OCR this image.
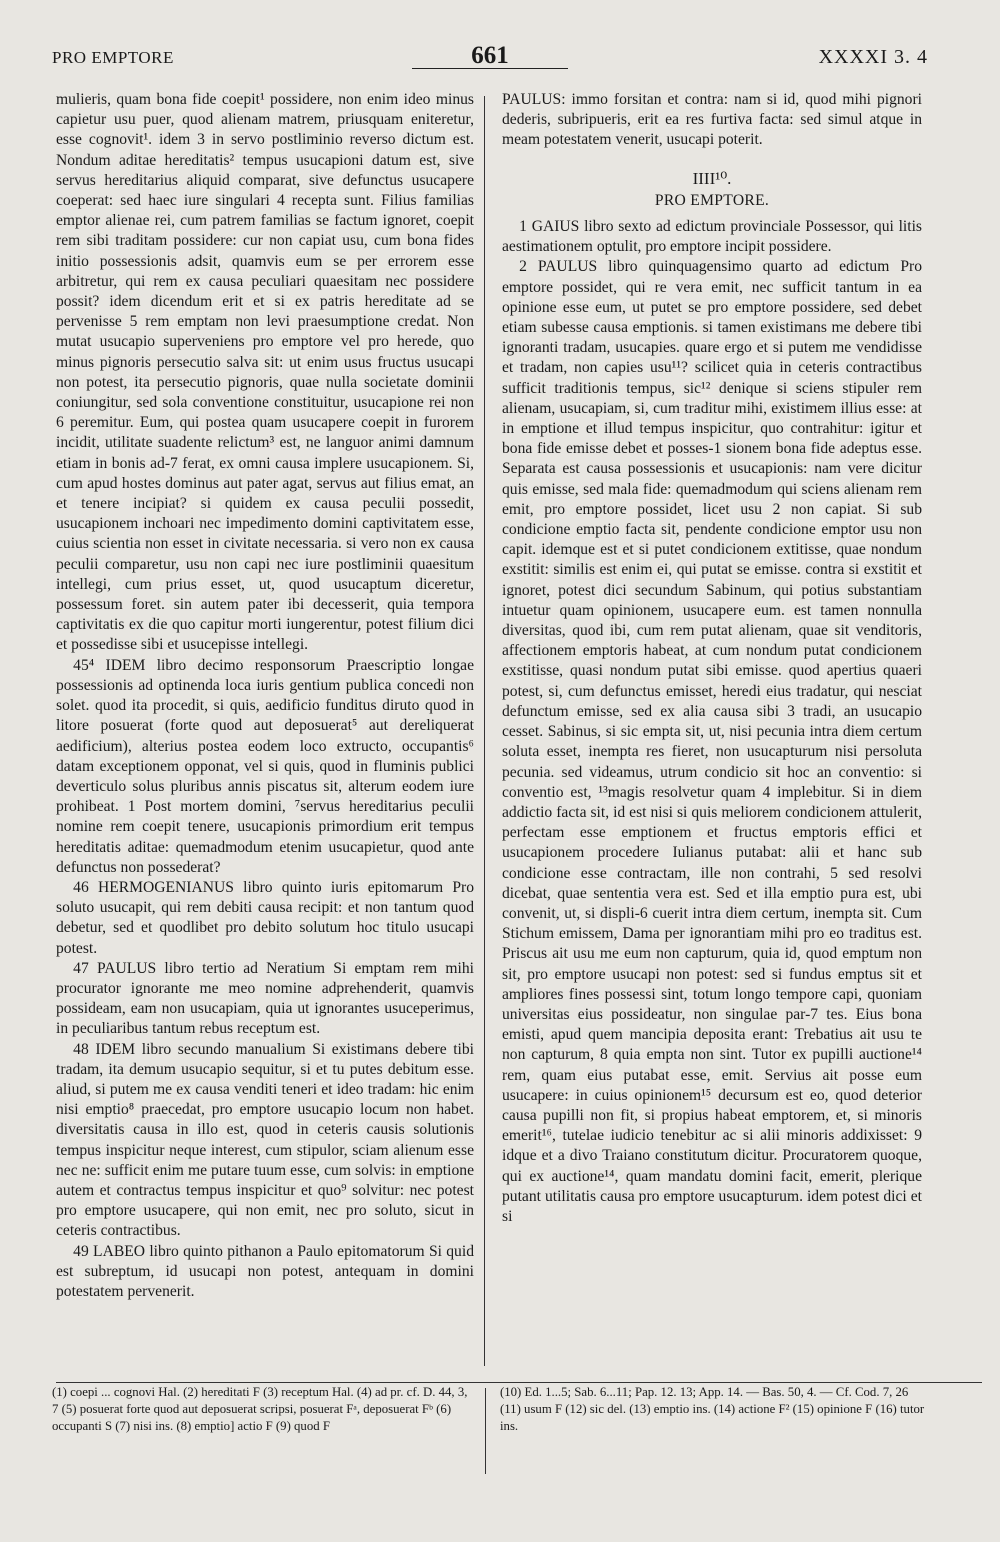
PRO EMPTORE	661	XXXXI 3. 4

mulieris, quam bona fide coepit¹ possidere, non enim ideo minus capietur usu puer, quod alienam matrem, priusquam eniteretur, esse cognovit¹. idem 3 in servo postliminio reverso dictum est. Nondum aditae hereditatis² tempus usucapioni datum est, sive servus hereditarius aliquid comparat, sive defunctus usucapere coeperat: sed haec iure singulari 4 recepta sunt. Filius familias emptor alienae rei, cum patrem familias se factum ignoret, coepit rem sibi traditam possidere: cur non capiat usu, cum bona fides initio possessionis adsit, quamvis eum se per errorem esse arbitretur, qui rem ex causa peculiari quaesitam nec possidere possit? idem dicendum erit et si ex patris hereditate ad se pervenisse 5 rem emptam non levi praesumptione credat. Non mutat usucapio superveniens pro emptore vel pro herede, quo minus pignoris persecutio salva sit: ut enim usus fructus usucapi non potest, ita persecutio pignoris, quae nulla societate dominii coniungitur, sed sola conventione constituitur, usucapione rei non 6 peremitur. Eum, qui postea quam usucapere coepit in furorem incidit, utilitate suadente relictum³ est, ne languor animi damnum etiam in bonis ad-7 ferat, ex omni causa implere usucapionem. Si, cum apud hostes dominus aut pater agat, servus aut filius emat, an et tenere incipiat? si quidem ex causa peculii possedit, usucapionem inchoari nec impedimento domini captivitatem esse, cuius scientia non esset in civitate necessaria. si vero non ex causa peculii comparetur, usu non capi nec iure postliminii quaesitum intellegi, cum prius esset, ut, quod usucaptum diceretur, possessum foret. sin autem pater ibi decesserit, quia tempora captivitatis ex die quo capitur morti iungerentur, potest filium dici et possedisse sibi et usucepisse intellegi.

45⁴ IDEM libro decimo responsorum Praescriptio longae possessionis ad optinenda loca iuris gentium publica concedi non solet. quod ita procedit, si quis, aedificio funditus diruto quod in litore posuerat (forte quod aut deposuerat⁵ aut dereliquerat aedificium), alterius postea eodem loco extructo, occupantis⁶ datam exceptionem opponat, vel si quis, quod in fluminis publici deverticulo solus pluribus annis piscatus sit, alterum eodem iure prohibeat. 1 Post mortem domini, ⁷servus hereditarius peculii nomine rem coepit tenere, usucapionis primordium erit tempus hereditatis aditae: quemadmodum etenim usucapietur, quod ante defunctus non possederat?

46 HERMOGENIANUS libro quinto iuris epitomarum Pro soluto usucapit, qui rem debiti causa recipit: et non tantum quod debetur, sed et quodlibet pro debito solutum hoc titulo usucapi potest.

47 PAULUS libro tertio ad Neratium Si emptam rem mihi procurator ignorante me meo nomine adprehenderit, quamvis possideam, eam non usucapiam, quia ut ignorantes usuceperimus, in peculiaribus tantum rebus receptum est.

48 IDEM libro secundo manualium Si existimans debere tibi tradam, ita demum usucapio sequitur, si et tu putes debitum esse. aliud, si putem me ex causa venditi teneri et ideo tradam: hic enim nisi emptio⁸ praecedat, pro emptore usucapio locum non habet. diversitatis causa in illo est, quod in ceteris causis solutionis tempus inspicitur neque interest, cum stipulor, sciam alienum esse nec ne: sufficit enim me putare tuum esse, cum solvis: in emptione autem et contractus tempus inspicitur et quo⁹ solvitur: nec potest pro emptore usucapere, qui non emit, nec pro soluto, sicut in ceteris contractibus.

49 LABEO libro quinto pithanon a Paulo epitomatorum Si quid est subreptum, id usucapi non potest, antequam in domini potestatem pervenerit.

PAULUS: immo forsitan et contra: nam si id, quod mihi pignori dederis, subripueris, erit ea res furtiva facta: sed simul atque in meam potestatem venerit, usucapi poterit.

IIII¹⁰.
PRO EMPTORE.

1 GAIUS libro sexto ad edictum provinciale Possessor, qui litis aestimationem optulit, pro emptore incipit possidere.

2 PAULUS libro quinquagensimo quarto ad edictum Pro emptore possidet, qui re vera emit, nec sufficit tantum in ea opinione esse eum, ut putet se pro emptore possidere, sed debet etiam subesse causa emptionis. si tamen existimans me debere tibi ignoranti tradam, usucapies. quare ergo et si putem me vendidisse et tradam, non capies usu¹¹? scilicet quia in ceteris contractibus sufficit traditionis tempus, sic¹² denique si sciens stipuler rem alienam, usucapiam, si, cum traditur mihi, existimem illius esse: at in emptione et illud tempus inspicitur, quo contrahitur: igitur et bona fide emisse debet et posses-1 sionem bona fide adeptus esse. Separata est causa possessionis et usucapionis: nam vere dicitur quis emisse, sed mala fide: quemadmodum qui sciens alienam rem emit, pro emptore possidet, licet usu 2 non capiat. Si sub condicione emptio facta sit, pendente condicione emptor usu non capit. idemque est et si putet condicionem extitisse, quae nondum exstitit: similis est enim ei, qui putat se emisse. contra si exstitit et ignoret, potest dici secundum Sabinum, qui potius substantiam intuetur quam opinionem, usucapere eum. est tamen nonnulla diversitas, quod ibi, cum rem putat alienam, quae sit venditoris, affectionem emptoris habeat, at cum nondum putat condicionem exstitisse, quasi nondum putat sibi emisse. quod apertius quaeri potest, si, cum defunctus emisset, heredi eius tradatur, qui nesciat defunctum emisse, sed ex alia causa sibi 3 tradi, an usucapio cesset. Sabinus, si sic empta sit, ut, nisi pecunia intra diem certum soluta esset, inempta res fieret, non usucapturum nisi persoluta pecunia. sed videamus, utrum condicio sit hoc an conventio: si conventio est, ¹³magis resolvetur quam 4 implebitur. Si in diem addictio facta sit, id est nisi si quis meliorem condicionem attulerit, perfectam esse emptionem et fructus emptoris effici et usucapionem procedere Iulianus putabat: alii et hanc sub condicione esse contractam, ille non contrahi, 5 sed resolvi dicebat, quae sententia vera est. Sed et illa emptio pura est, ubi convenit, ut, si displi-6 cuerit intra diem certum, inempta sit. Cum Stichum emissem, Dama per ignorantiam mihi pro eo traditus est. Priscus ait usu me eum non capturum, quia id, quod emptum non sit, pro emptore usucapi non potest: sed si fundus emptus sit et ampliores fines possessi sint, totum longo tempore capi, quoniam universitas eius possideatur, non singulae par-7 tes. Eius bona emisti, apud quem mancipia deposita erant: Trebatius ait usu te non capturum, 8 quia empta non sint. Tutor ex pupilli auctione¹⁴ rem, quam eius putabat esse, emit. Servius ait posse eum usucapere: in cuius opinionem¹⁵ decursum est eo, quod deterior causa pupilli non fit, si propius habeat emptorem, et, si minoris emerit¹⁶, tutelae iudicio tenebitur ac si alii minoris addixisset: 9 idque et a divo Traiano constitutum dicitur. Procuratorem quoque, qui ex auctione¹⁴, quam mandatu domini facit, emerit, plerique putant utilitatis causa pro emptore usucapturum. idem potest dici et si

(1) coepi ... cognovi Hal. (2) hereditati F (3) receptum Hal. (4) ad pr. cf. D. 44, 3, 7 (5) posuerat forte quod aut deposuerat scripsi, posuerat Fᵃ, deposuerat Fᵇ (6) occupanti S (7) nisi ins. (8) emptio] actio F (9) quod F
(10) Ed. 1...5; Sab. 6...11; Pap. 12. 13; App. 14. — Bas. 50, 4. — Cf. Cod. 7, 26 (11) usum F (12) sic del. (13) emptio ins. (14) actione F² (15) opinione F (16) tutor ins.
